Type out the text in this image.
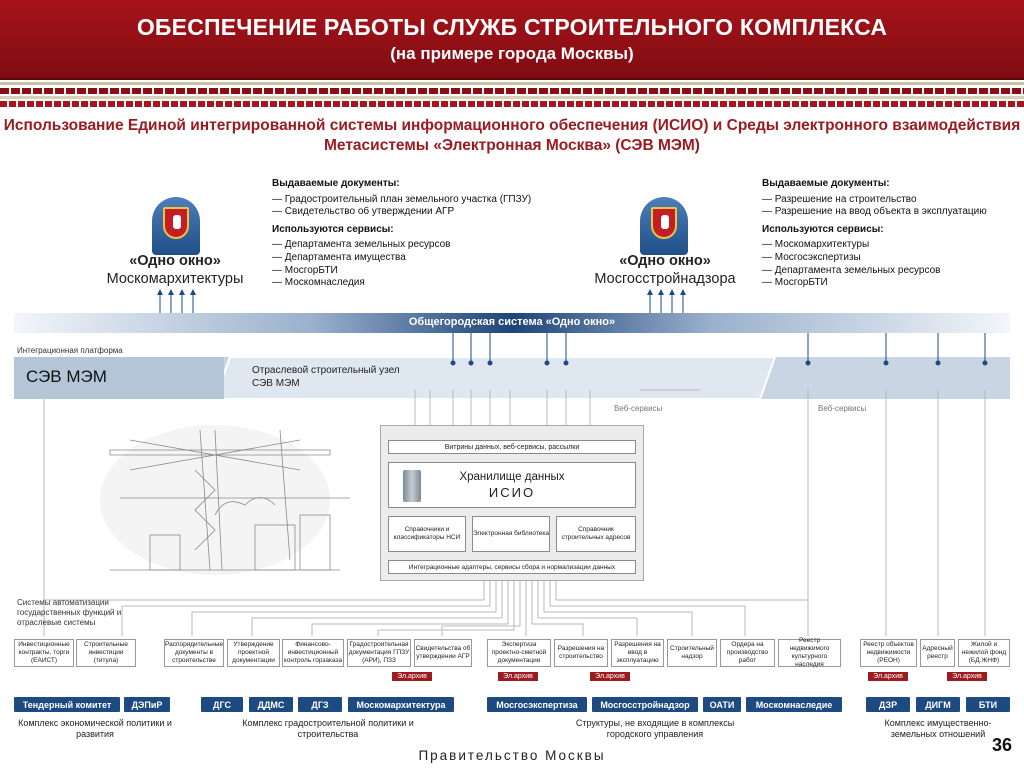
ОБЕСПЕЧЕНИЕ РАБОТЫ СЛУЖБ СТРОИТЕЛЬНОГО КОМПЛЕКСА
(на примере города Москвы)
Использование Единой интегрированной системы информационного обеспечения (ИСИО) и Среды электронного взаимодействия Метасистемы «Электронная Москва» (СЭВ МЭМ)
«Одно окно»
Москомархитектуры
Выдаваемые документы:
— Градостроительный план земельного участка (ГПЗУ)
— Свидетельство об утверждении АГР
Используются сервисы:
— Департамента земельных ресурсов
— Департамента имущества
— МосгорБТИ
— Москомнаследия
«Одно окно»
Мосгосстройнадзора
Выдаваемые документы:
— Разрешение на строительство
— Разрешение на ввод объекта в эксплуатацию
Используются сервисы:
— Москомархитектуры
— Мосгосэкспертизы
— Департамента земельных ресурсов
— МосгорБТИ
Общегородская система «Одно окно»
Интеграционная платформа
СЭВ МЭМ	Отраслевой строительный узел СЭВ МЭМ
Веб-сервисы	Веб-сервисы
Витрины данных, веб-сервисы, рассылки
Хранилище данных
ИСИО
Справочники и классификаторы НСИ
Электронная библиотека
Справочник строительных адресов
Интеграционные адаптеры, сервисы сбора и нормализации данных
Системы автоматизации государственных функций и отраслевые системы
Инвестиционные контракты, торги (ЕАИСТ)
Строительные инвестиции (титула)
Распорядительные документы в строительстве
Утверждение проектной документации
Финансово-инвестиционный контроль горзаказа
Градостроительная документация ГПЗУ (АРИ), ПЗЗ
Свидетельства об утверждении АГР
Экспертиза проектно-сметной документации
Разрешения на строительство
Разрешения на ввод в эксплуатацию
Строительный надзор
Ордера на производство работ
Реестр недвижимого культурного наследия
Реестр объектов недвижимости (РЕОН)
Адресный реестр
Жилой и нежилой фонд (БД ЖНФ)
Эл.архив	Эл.архив	Эл.архив	Эл.архив	Эл.архив
Тендерный комитет	ДЭПиР	ДГС	ДДМС	ДГЗ	Москомархитектура	Мосгосэкспертиза	Мосгосстройнадзор	ОАТИ	Москомнаследие	ДЗР	ДИГМ	БТИ
Комплекс экономической политики и развития
Комплекс градостроительной политики и строительства
Структуры, не входящие в комплексы городского управления
Комплекс имущественно-земельных отношений
Правительство Москвы
36
